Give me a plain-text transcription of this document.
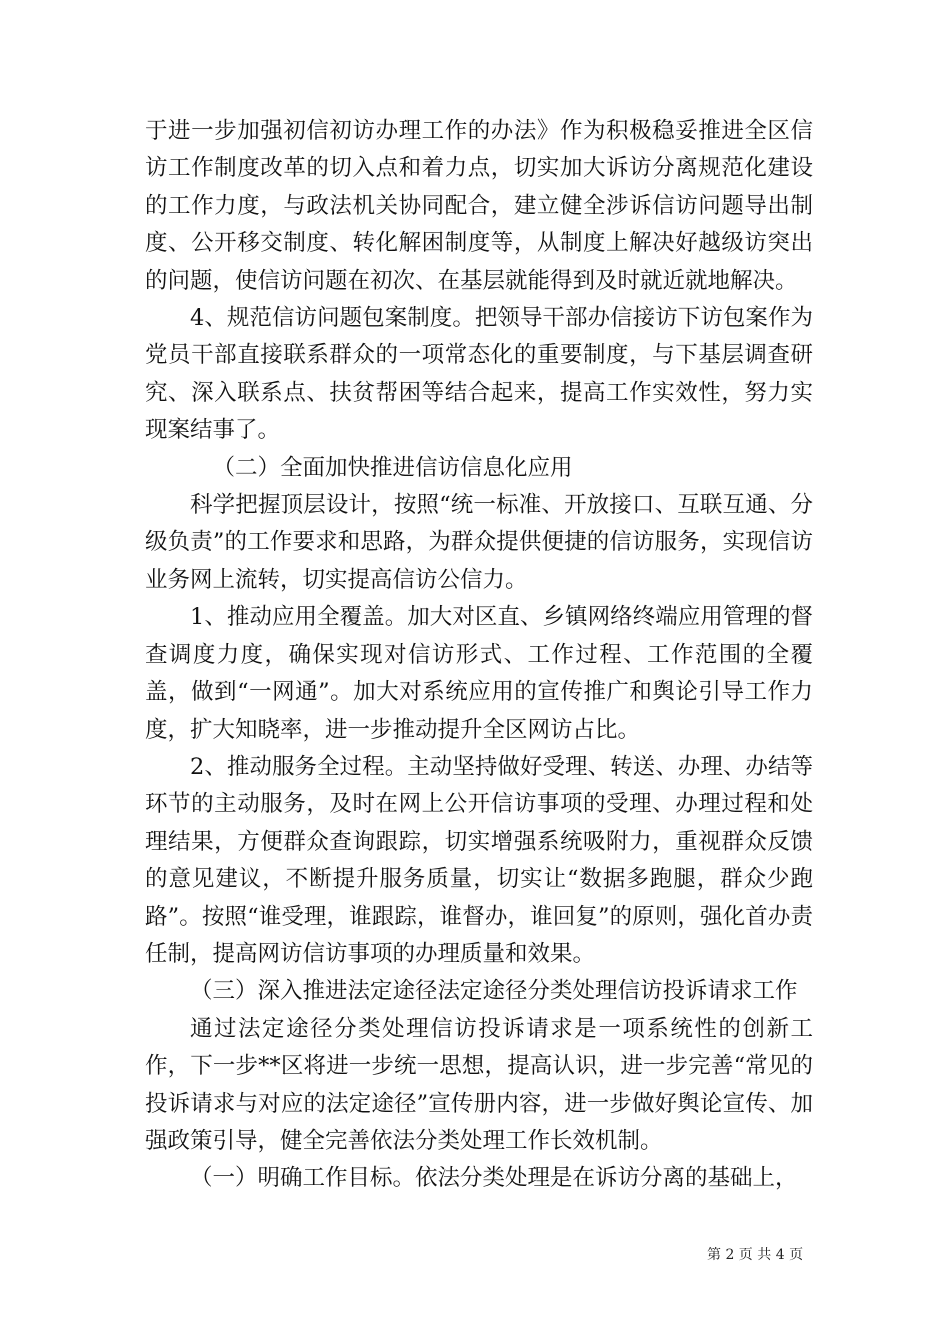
于进一步加强初信初访办理工作的办法》作为积极稳妥推进全区信访工作制度改革的切入点和着力点，切实加大诉访分离规范化建设的工作力度，与政法机关协同配合，建立健全涉诉信访问题导出制度、公开移交制度、转化解困制度等，从制度上解决好越级访突出的问题，使信访问题在初次、在基层就能得到及时就近就地解决。

4、规范信访问题包案制度。把领导干部办信接访下访包案作为党员干部直接联系群众的一项常态化的重要制度，与下基层调查研究、深入联系点、扶贫帮困等结合起来，提高工作实效性，努力实现案结事了。

（二）全面加快推进信访信息化应用

科学把握顶层设计，按照“统一标准、开放接口、互联互通、分级负责”的工作要求和思路，为群众提供便捷的信访服务，实现信访业务网上流转，切实提高信访公信力。

1、推动应用全覆盖。加大对区直、乡镇网络终端应用管理的督查调度力度，确保实现对信访形式、工作过程、工作范围的全覆盖，做到“一网通”。加大对系统应用的宣传推广和舆论引导工作力度，扩大知晓率，进一步推动提升全区网访占比。

2、推动服务全过程。主动坚持做好受理、转送、办理、办结等环节的主动服务，及时在网上公开信访事项的受理、办理过程和处理结果，方便群众查询跟踪，切实增强系统吸附力，重视群众反馈的意见建议，不断提升服务质量，切实让“数据多跑腿，群众少跑路”。按照“谁受理，谁跟踪，谁督办，谁回复”的原则，强化首办责任制，提高网访信访事项的办理质量和效果。

（三）深入推进法定途径法定途径分类处理信访投诉请求工作

通过法定途径分类处理信访投诉请求是一项系统性的创新工作，下一步**区将进一步统一思想，提高认识，进一步完善“常见的投诉请求与对应的法定途径”宣传册内容，进一步做好舆论宣传、加强政策引导，健全完善依法分类处理工作长效机制。

（一）明确工作目标。依法分类处理是在诉访分离的基础上，

第 2 页 共 4 页
